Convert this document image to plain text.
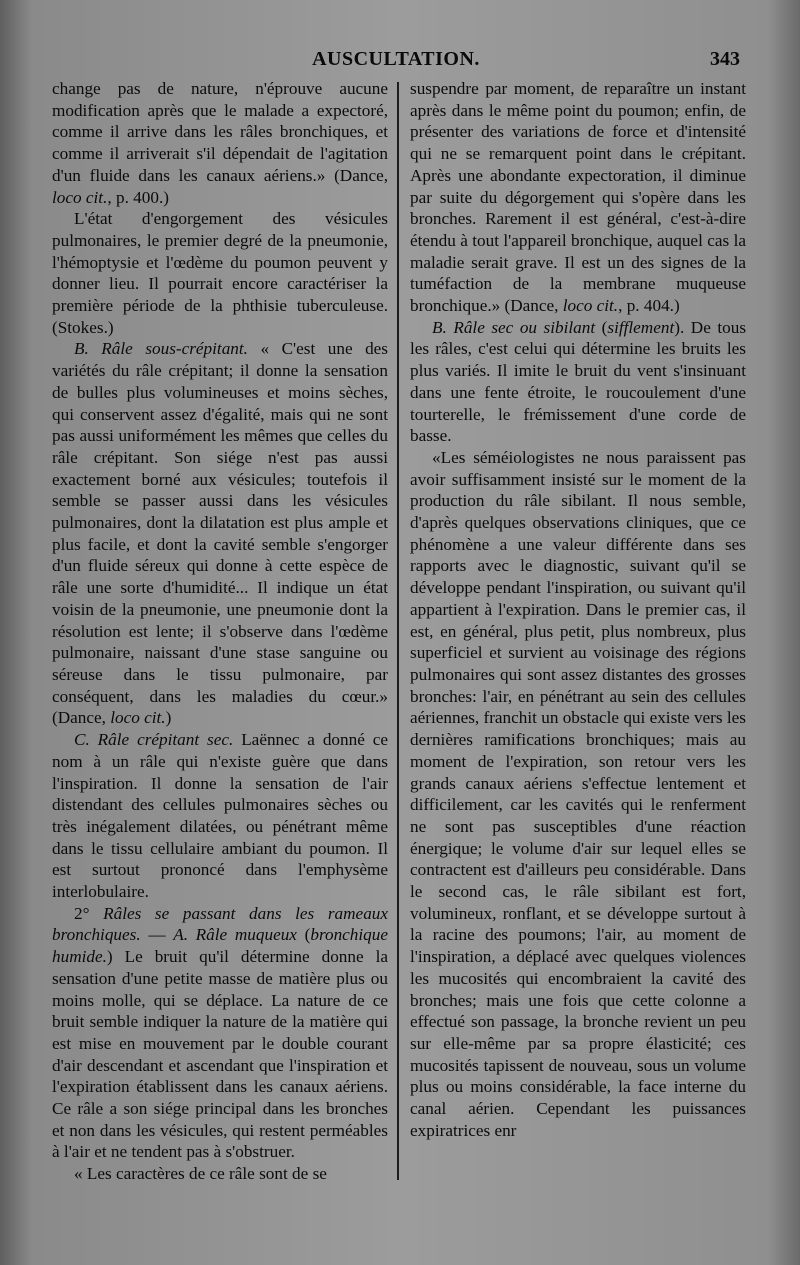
AUSCULTATION.	343

change pas de nature, n'éprouve aucune modification après que le malade a expectoré, comme il arrive dans les râles bronchiques, et comme il arriverait s'il dépendait de l'agitation d'un fluide dans les canaux aériens.» (Dance, loco cit., p. 400.)

L'état d'engorgement des vésicules pulmonaires, le premier degré de la pneumonie, l'hémoptysie et l'œdème du poumon peuvent y donner lieu. Il pourrait encore caractériser la première période de la phthisie tuberculeuse. (Stokes.)

B. Râle sous-crépitant. « C'est une des variétés du râle crépitant; il donne la sensation de bulles plus volumineuses et moins sèches, qui conservent assez d'égalité, mais qui ne sont pas aussi uniformément les mêmes que celles du râle crépitant. Son siége n'est pas aussi exactement borné aux vésicules; toutefois il semble se passer aussi dans les vésicules pulmonaires, dont la dilatation est plus ample et plus facile, et dont la cavité semble s'engorger d'un fluide séreux qui donne à cette espèce de râle une sorte d'humidité... Il indique un état voisin de la pneumonie, une pneumonie dont la résolution est lente; il s'observe dans l'œdème pulmonaire, naissant d'une stase sanguine ou séreuse dans le tissu pulmonaire, par conséquent, dans les maladies du cœur.» (Dance, loco cit.)

C. Râle crépitant sec. Laënnec a donné ce nom à un râle qui n'existe guère que dans l'inspiration. Il donne la sensation de l'air distendant des cellules pulmonaires sèches ou très inégalement dilatées, ou pénétrant même dans le tissu cellulaire ambiant du poumon. Il est surtout prononcé dans l'emphysème interlobulaire.

2° Râles se passant dans les rameaux bronchiques. — A. Râle muqueux (bronchique humide.) Le bruit qu'il détermine donne la sensation d'une petite masse de matière plus ou moins molle, qui se déplace. La nature de ce bruit semble indiquer la nature de la matière qui est mise en mouvement par le double courant d'air descendant et ascendant que l'inspiration et l'expiration établissent dans les canaux aériens. Ce râle a son siége principal dans les bronches et non dans les vésicules, qui restent perméables à l'air et ne tendent pas à s'obstruer.

« Les caractères de ce râle sont de se

suspendre par moment, de reparaître un instant après dans le même point du poumon; enfin, de présenter des variations de force et d'intensité qui ne se remarquent point dans le crépitant. Après une abondante expectoration, il diminue par suite du dégorgement qui s'opère dans les bronches. Rarement il est général, c'est-à-dire étendu à tout l'appareil bronchique, auquel cas la maladie serait grave. Il est un des signes de la tuméfaction de la membrane muqueuse bronchique.» (Dance, loco cit., p. 404.)

B. Râle sec ou sibilant (sifflement). De tous les râles, c'est celui qui détermine les bruits les plus variés. Il imite le bruit du vent s'insinuant dans une fente étroite, le roucoulement d'une tourterelle, le frémissement d'une corde de basse.

«Les séméiologistes ne nous paraissent pas avoir suffisamment insisté sur le moment de la production du râle sibilant. Il nous semble, d'après quelques observations cliniques, que ce phénomène a une valeur différente dans ses rapports avec le diagnostic, suivant qu'il se développe pendant l'inspiration, ou suivant qu'il appartient à l'expiration. Dans le premier cas, il est, en général, plus petit, plus nombreux, plus superficiel et survient au voisinage des régions pulmonaires qui sont assez distantes des grosses bronches: l'air, en pénétrant au sein des cellules aériennes, franchit un obstacle qui existe vers les dernières ramifications bronchiques; mais au moment de l'expiration, son retour vers les grands canaux aériens s'effectue lentement et difficilement, car les cavités qui le renferment ne sont pas susceptibles d'une réaction énergique; le volume d'air sur lequel elles se contractent est d'ailleurs peu considérable. Dans le second cas, le râle sibilant est fort, volumineux, ronflant, et se développe surtout à la racine des poumons; l'air, au moment de l'inspiration, a déplacé avec quelques violences les mucosités qui encombraient la cavité des bronches; mais une fois que cette colonne a effectué son passage, la bronche revient un peu sur elle-même par sa propre élasticité; ces mucosités tapissent de nouveau, sous un volume plus ou moins considérable, la face interne du canal aérien. Cependant les puissances expiratrices enr
